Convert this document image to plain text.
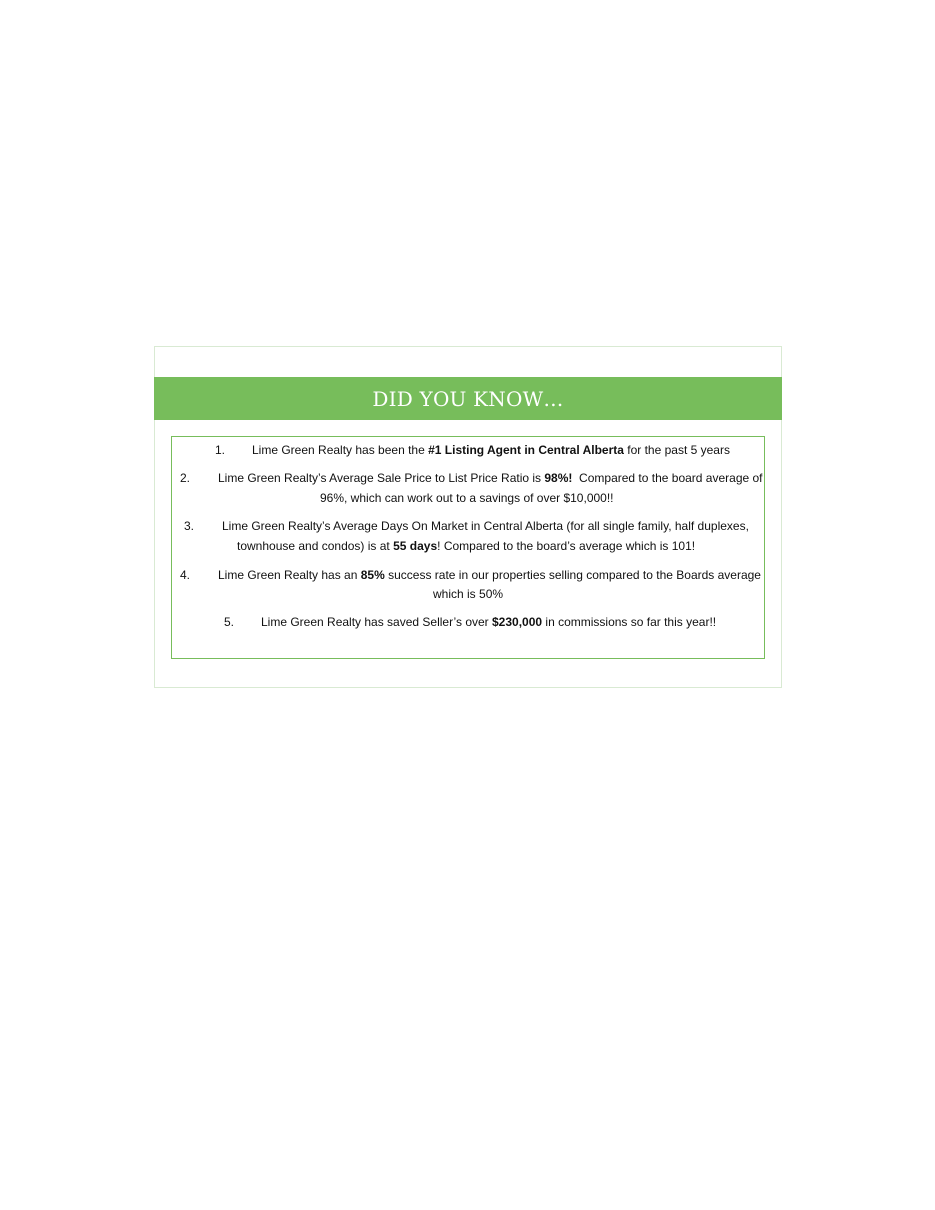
DID YOU KNOW…
1. Lime Green Realty has been the #1 Listing Agent in Central Alberta for the past 5 years
2. Lime Green Realty’s Average Sale Price to List Price Ratio is 98%!  Compared to the board average of
96%, which can work out to a savings of over $10,000!!
3. Lime Green Realty’s Average Days On Market in Central Alberta (for all single family, half duplexes,
townhouse and condos) is at 55 days! Compared to the board’s average which is 101!
4. Lime Green Realty has an 85% success rate in our properties selling compared to the Boards average
which is 50%
5. Lime Green Realty has saved Seller’s over $230,000 in commissions so far this year!!
